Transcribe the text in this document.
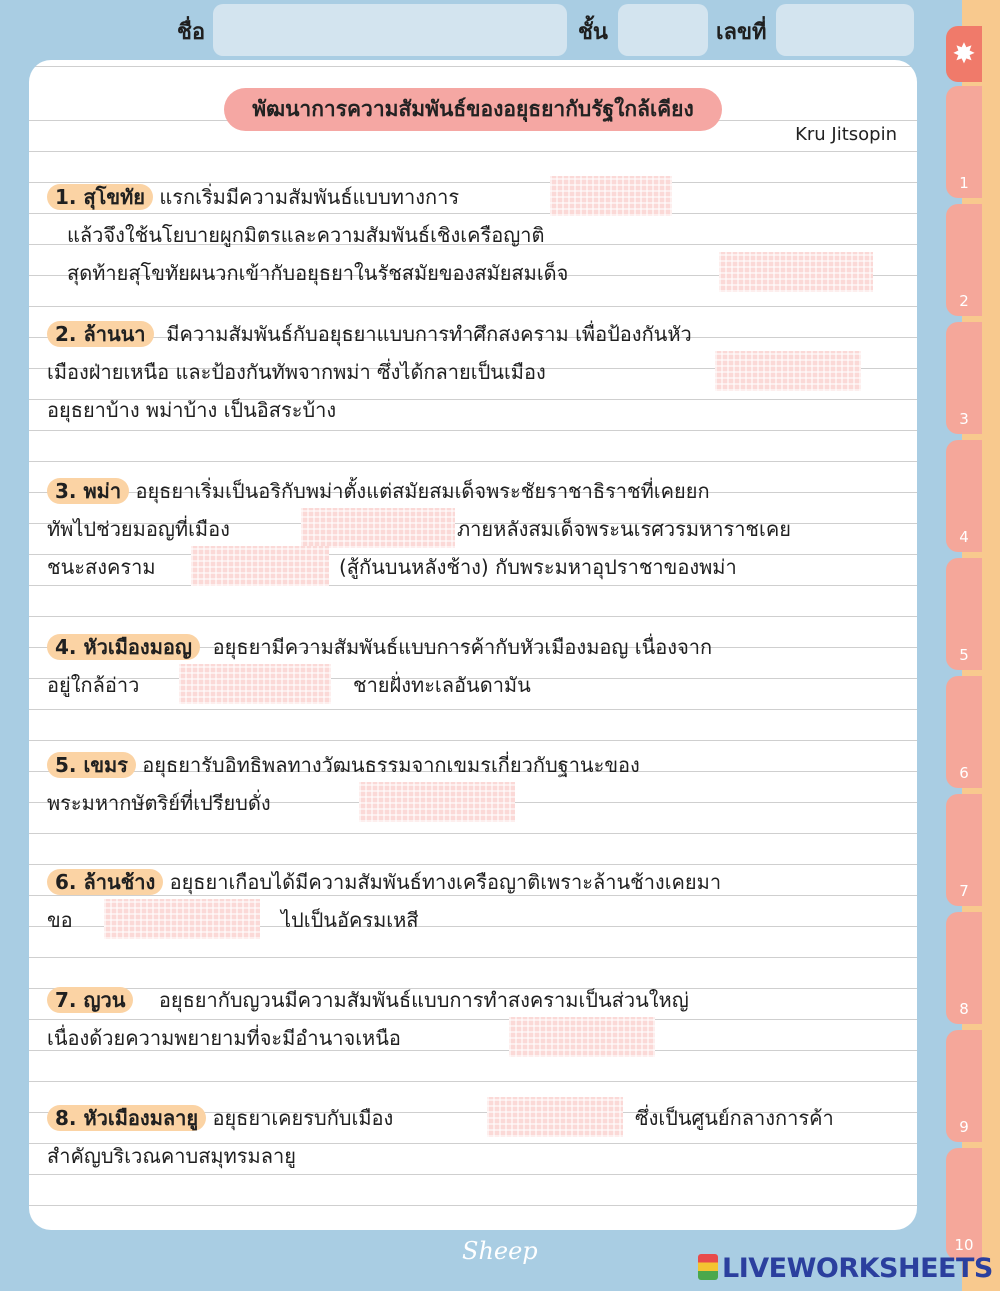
ชื่อ	ชั้น	เลขที่
พัฒนาการความสัมพันธ์ของอยุธยากับรัฐใกล้เคียง
Kru Jitsopin
1. สุโขทัย แรกเริ่มมีความสัมพันธ์แบบทางการ
แล้วจึงใช้นโยบายผูกมิตรและความสัมพันธ์เชิงเครือญาติ
สุดท้ายสุโขทัยผนวกเข้ากับอยุธยาในรัชสมัยของสมัยสมเด็จ
2. ล้านนา มีความสัมพันธ์กับอยุธยาแบบการทำศึกสงคราม เพื่อป้องกันหัว
เมืองฝ่ายเหนือ และป้องกันทัพจากพม่า ซึ่งได้กลายเป็นเมือง
อยุธยาบ้าง พม่าบ้าง เป็นอิสระบ้าง
3. พม่า อยุธยาเริ่มเป็นอริกับพม่าตั้งแต่สมัยสมเด็จพระชัยราชาธิราชที่เคยยก
ทัพไปช่วยมอญที่เมือง	ภายหลังสมเด็จพระนเรศวรมหาราชเคย
ชนะสงคราม	(สู้กันบนหลังช้าง) กับพระมหาอุปราชาของพม่า
4. หัวเมืองมอญ อยุธยามีความสัมพันธ์แบบการค้ากับหัวเมืองมอญ เนื่องจาก
อยู่ใกล้อ่าว	ชายฝั่งทะเลอันดามัน
5. เขมร อยุธยารับอิทธิพลทางวัฒนธรรมจากเขมรเกี่ยวกับฐานะของ
พระมหากษัตริย์ที่เปรียบดั่ง
6. ล้านช้าง อยุธยาเกือบได้มีความสัมพันธ์ทางเครือญาติเพราะล้านช้างเคยมา
ขอ	ไปเป็นอัครมเหสี
7. ญวน อยุธยากับญวนมีความสัมพันธ์แบบการทำสงครามเป็นส่วนใหญ่
เนื่องด้วยความพยายามที่จะมีอำนาจเหนือ
8. หัวเมืองมลายู อยุธยาเคยรบกับเมือง	ซึ่งเป็นศูนย์กลางการค้า
สำคัญบริเวณคาบสมุทรมลายู
✸
1
2
3
4
5
6
7
8
9
10
Sheep
LIVEWORKSHEETS
